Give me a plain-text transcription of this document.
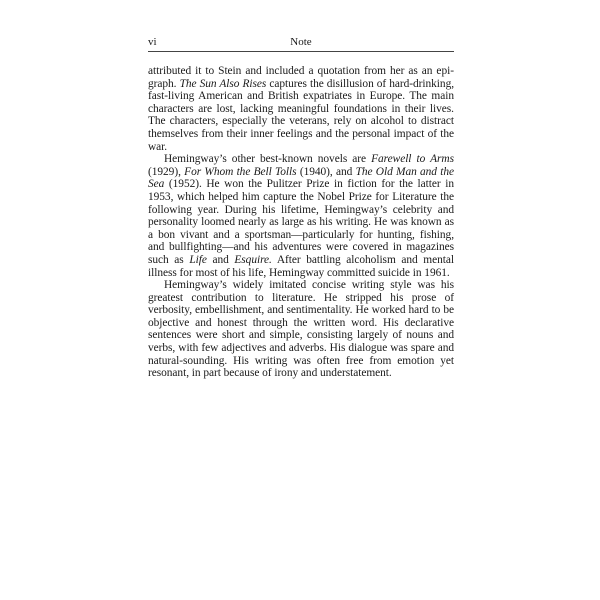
vi	Note

attributed it to Stein and included a quotation from her as an epigraph. The Sun Also Rises captures the disillusion of hard-drinking, fast-living American and British expatriates in Europe. The main characters are lost, lacking meaningful foundations in their lives. The characters, especially the veterans, rely on alcohol to distract themselves from their inner feelings and the personal impact of the war.

Hemingway’s other best-known novels are Farewell to Arms (1929), For Whom the Bell Tolls (1940), and The Old Man and the Sea (1952). He won the Pulitzer Prize in fiction for the latter in 1953, which helped him capture the Nobel Prize for Literature the following year. During his lifetime, Hemingway’s celebrity and personality loomed nearly as large as his writing. He was known as a bon vivant and a sportsman—particularly for hunting, fishing, and bullfighting—and his adventures were covered in magazines such as Life and Esquire. After battling alcoholism and mental illness for most of his life, Hemingway committed suicide in 1961.

Hemingway’s widely imitated concise writing style was his greatest contribution to literature. He stripped his prose of verbosity, embellishment, and sentimentality. He worked hard to be objective and honest through the written word. His declarative sentences were short and simple, consisting largely of nouns and verbs, with few adjectives and adverbs. His dialogue was spare and natural-sounding. His writing was often free from emotion yet resonant, in part because of irony and understatement.
